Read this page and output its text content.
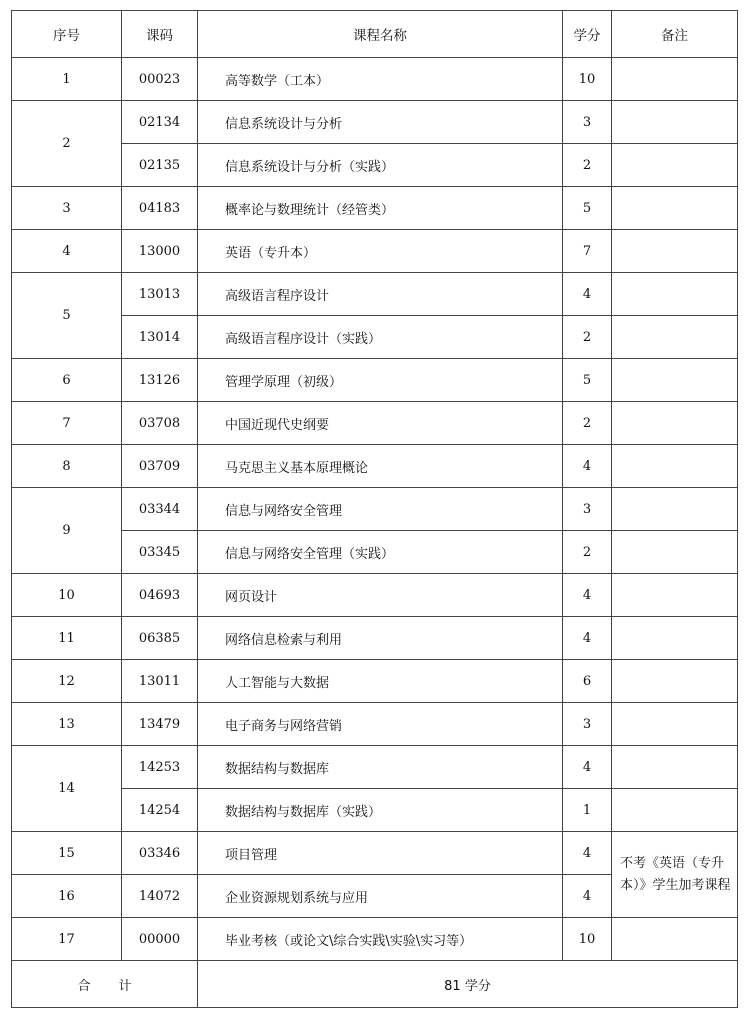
序号	课码	课程名称	学分	备注
1	00023	高等数学（工本）	10	
2	02134	信息系统设计与分析	3	
	02135	信息系统设计与分析（实践）	2	
3	04183	概率论与数理统计（经管类）	5	
4	13000	英语（专升本）	7	
5	13013	高级语言程序设计	4	
	13014	高级语言程序设计（实践）	2	
6	13126	管理学原理（初级）	5	
7	03708	中国近现代史纲要	2	
8	03709	马克思主义基本原理概论	4	
9	03344	信息与网络安全管理	3	
	03345	信息与网络安全管理（实践）	2	
10	04693	网页设计	4	
11	06385	网络信息检索与利用	4	
12	13011	人工智能与大数据	6	
13	13479	电子商务与网络营销	3	
14	14253	数据结构与数据库	4	
	14254	数据结构与数据库（实践）	1	
15	03346	项目管理	4	不考《英语（专升本）》学生加考课程
16	14072	企业资源规划系统与应用	4	
17	00000	毕业考核（或论文\综合实践\实验\实习等）	10	
合计		81 学分		
